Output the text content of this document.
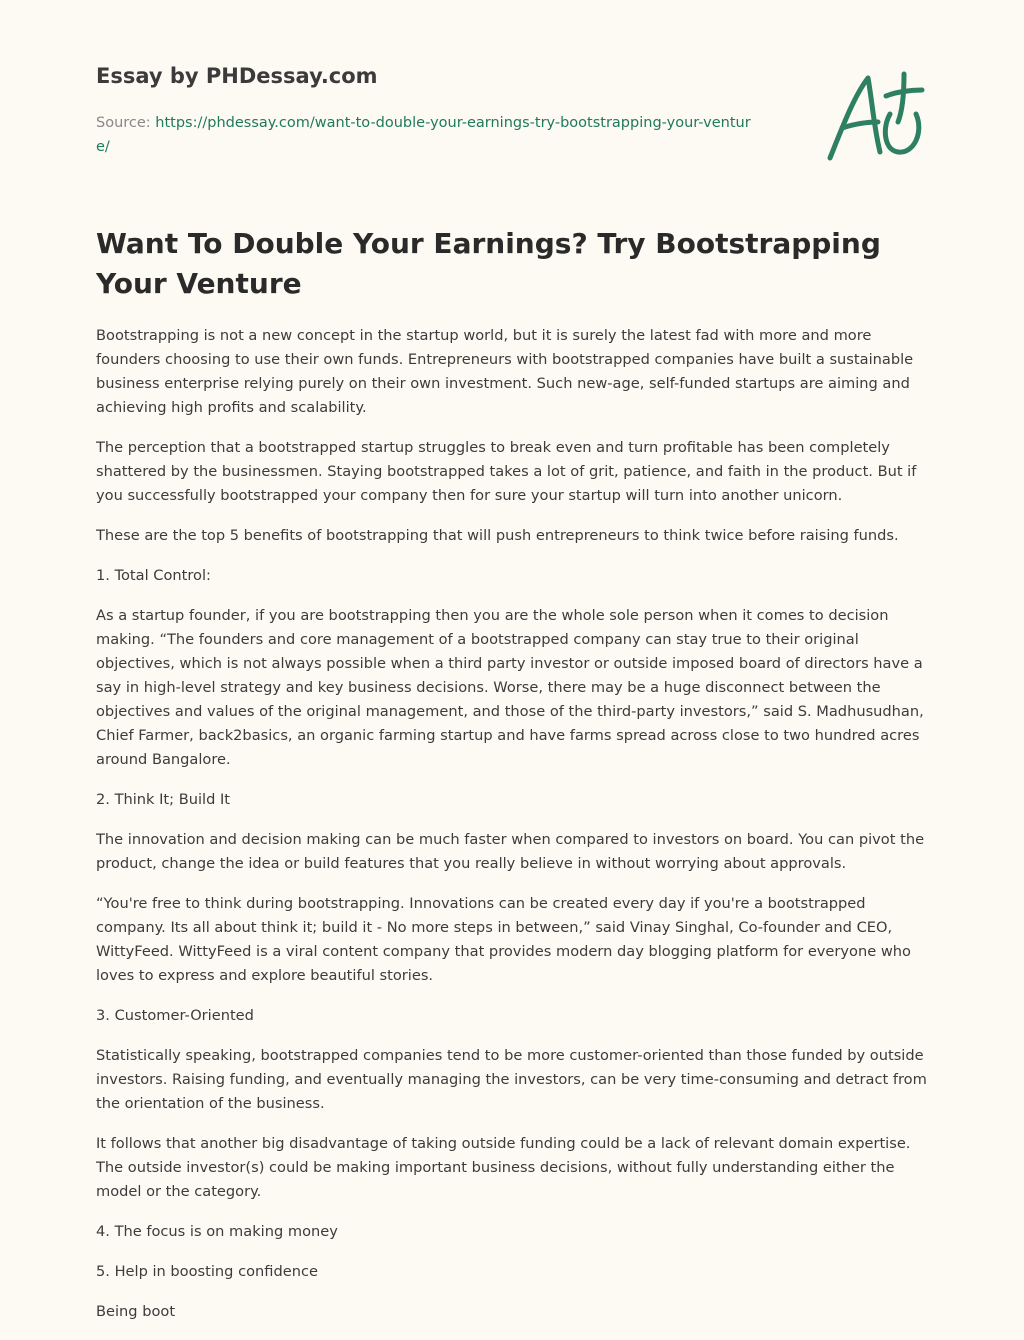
Essay by PHDessay.com
Source: https://phdessay.com/want-to-double-your-earnings-try-bootstrapping-your-venture/
Want To Double Your Earnings? Try Bootstrapping Your Venture

Bootstrapping is not a new concept in the startup world, but it is surely the latest fad with more and more founders choosing to use their own funds. Entrepreneurs with bootstrapped companies have built a sustainable business enterprise relying purely on their own investment. Such new-age, self-funded startups are aiming and achieving high profits and scalability.

The perception that a bootstrapped startup struggles to break even and turn profitable has been completely shattered by the businessmen. Staying bootstrapped takes a lot of grit, patience, and faith in the product. But if you successfully bootstrapped your company then for sure your startup will turn into another unicorn.

These are the top 5 benefits of bootstrapping that will push entrepreneurs to think twice before raising funds.

1. Total Control:

As a startup founder, if you are bootstrapping then you are the whole sole person when it comes to decision making. “The founders and core management of a bootstrapped company can stay true to their original objectives, which is not always possible when a third party investor or outside imposed board of directors have a say in high-level strategy and key business decisions. Worse, there may be a huge disconnect between the objectives and values of the original management, and those of the third-party investors,” said S. Madhusudhan, Chief Farmer, back2basics, an organic farming startup and have farms spread across close to two hundred acres around Bangalore.

2. Think It; Build It

The innovation and decision making can be much faster when compared to investors on board. You can pivot the product, change the idea or build features that you really believe in without worrying about approvals.

“You're free to think during bootstrapping. Innovations can be created every day if you're a bootstrapped company. Its all about think it; build it - No more steps in between,” said Vinay Singhal, Co-founder and CEO, WittyFeed. WittyFeed is a viral content company that provides modern day blogging platform for everyone who loves to express and explore beautiful stories.

3. Customer-Oriented

Statistically speaking, bootstrapped companies tend to be more customer-oriented than those funded by outside investors. Raising funding, and eventually managing the investors, can be very time-consuming and detract from the orientation of the business.

It follows that another big disadvantage of taking outside funding could be a lack of relevant domain expertise. The outside investor(s) could be making important business decisions, without fully understanding either the model or the category.

4. The focus is on making money

5. Help in boosting confidence

Being boot
